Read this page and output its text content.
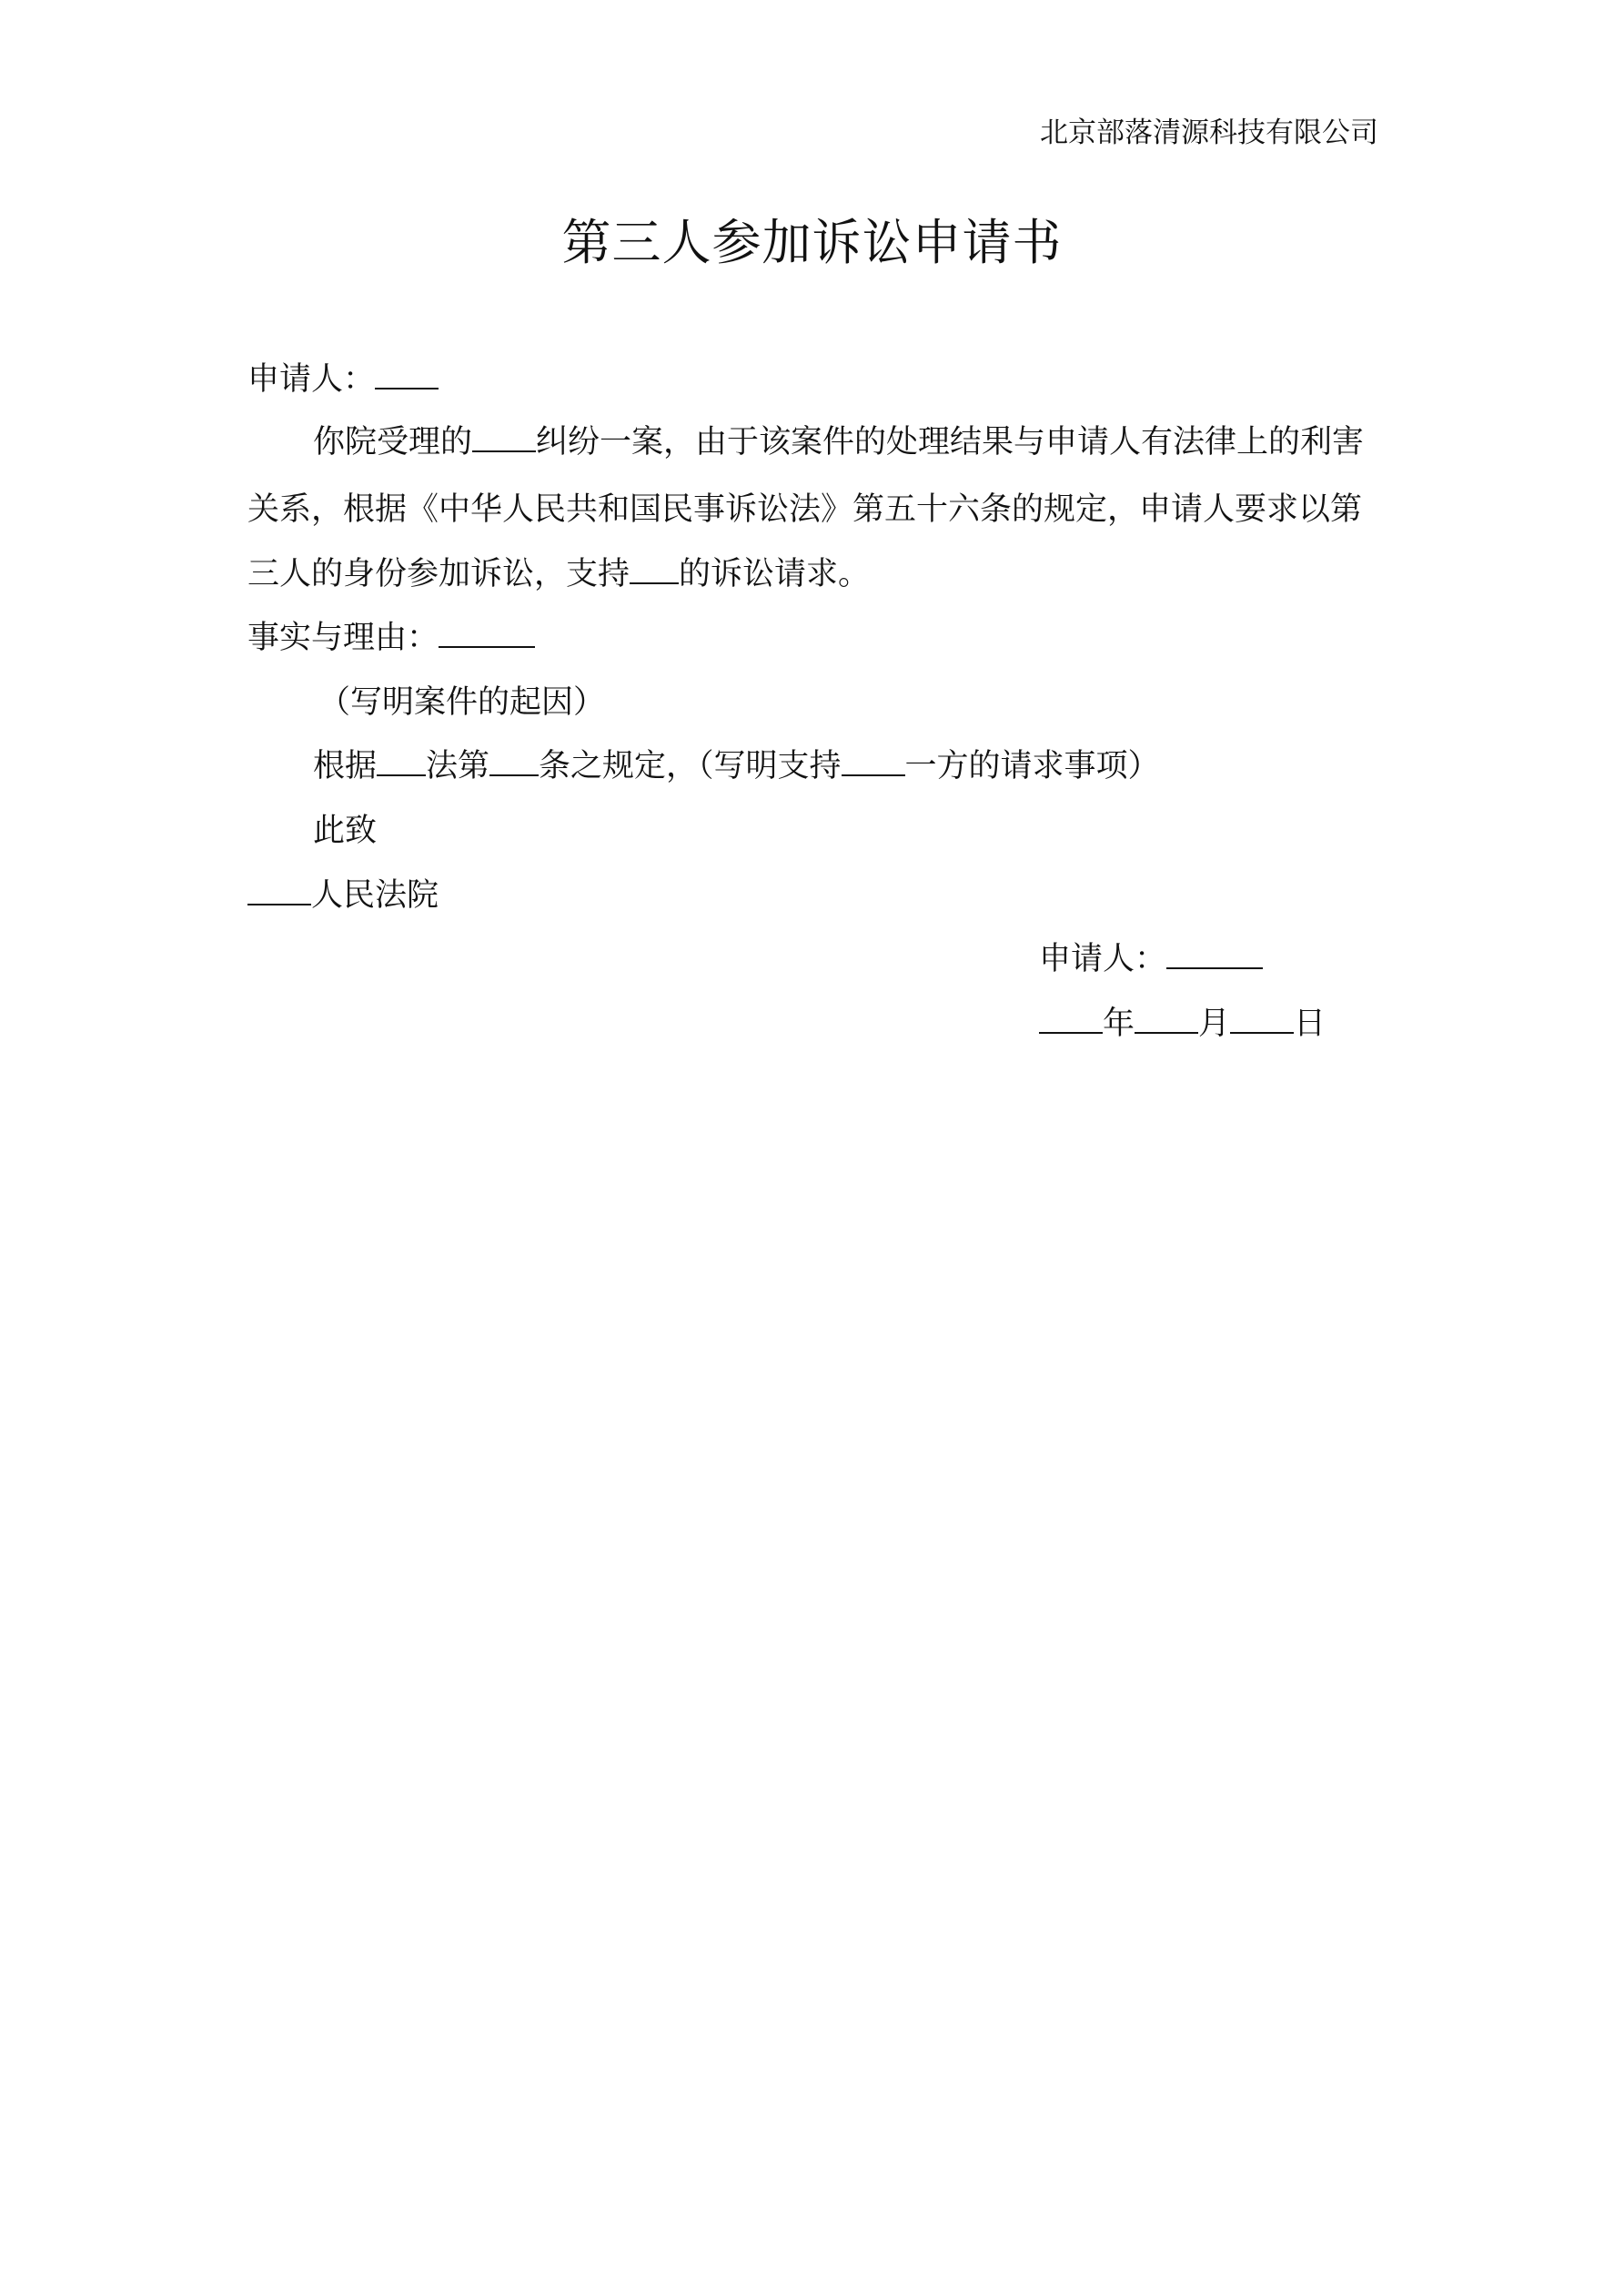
北京部落清源科技有限公司
第三人参加诉讼申请书
申请人：
你院受理的 纠纷一案，由于该案件的处理结果与申请人有法律上的利害
关系，根据《中华人民共和国民事诉讼法》第五十六条的规定，申请人要求以第
三人的身份参加诉讼，支持 的诉讼请求。
事实与理由：
（写明案件的起因）
根据 法第 条之规定，（写明支持 一方的请求事项）
此致
人民法院
申请人：
年 月 日
